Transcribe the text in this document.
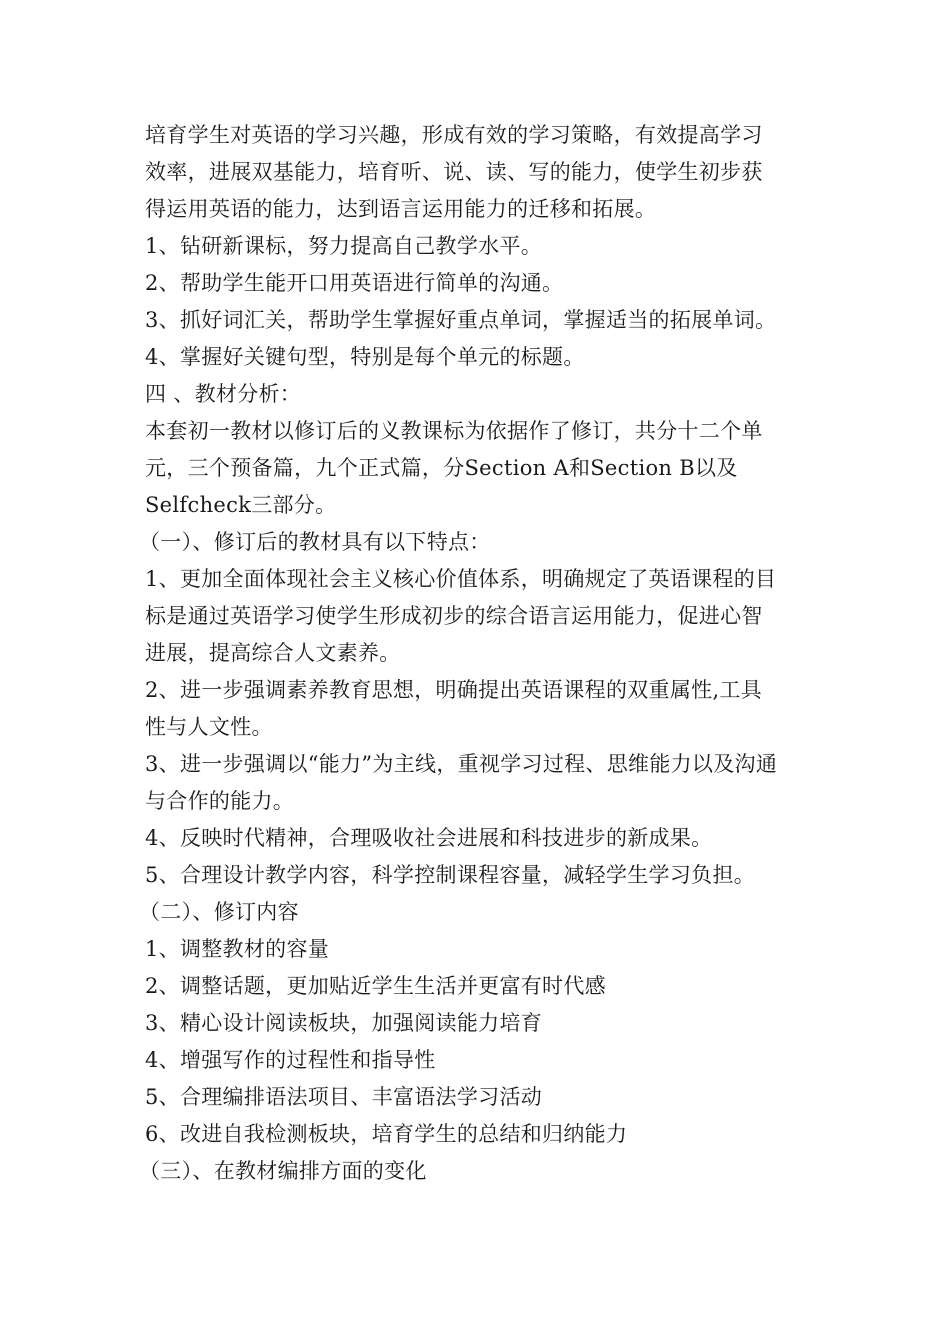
培育学生对英语的学习兴趣，形成有效的学习策略，有效提高学习
效率，进展双基能力，培育听、说、读、写的能力，使学生初步获
得运用英语的能力，达到语言运用能力的迁移和拓展。
1、钻研新课标，努力提高自己教学水平。
2、帮助学生能开口用英语进行简单的沟通。
3、抓好词汇关，帮助学生掌握好重点单词，掌握适当的拓展单词。
4、掌握好关键句型，特别是每个单元的标题。
四 、教材分析：
本套初一教材以修订后的义教课标为依据作了修订，共分十二个单
元，三个预备篇，九个正式篇，分Section A和Section B以及
Selfcheck三部分。
（一）、修订后的教材具有以下特点：
1、更加全面体现社会主义核心价值体系，明确规定了英语课程的目
标是通过英语学习使学生形成初步的综合语言运用能力，促进心智
进展，提高综合人文素养。
2、进一步强调素养教育思想，明确提出英语课程的双重属性,工具
性与人文性。
3、进一步强调以“能力”为主线，重视学习过程、思维能力以及沟通
与合作的能力。
4、反映时代精神，合理吸收社会进展和科技进步的新成果。
5、合理设计教学内容，科学控制课程容量，减轻学生学习负担。
（二）、修订内容
1、调整教材的容量
2、调整话题，更加贴近学生生活并更富有时代感
3、精心设计阅读板块，加强阅读能力培育
4、增强写作的过程性和指导性
5、合理编排语法项目、丰富语法学习活动
6、改进自我检测板块，培育学生的总结和归纳能力
（三）、在教材编排方面的变化
